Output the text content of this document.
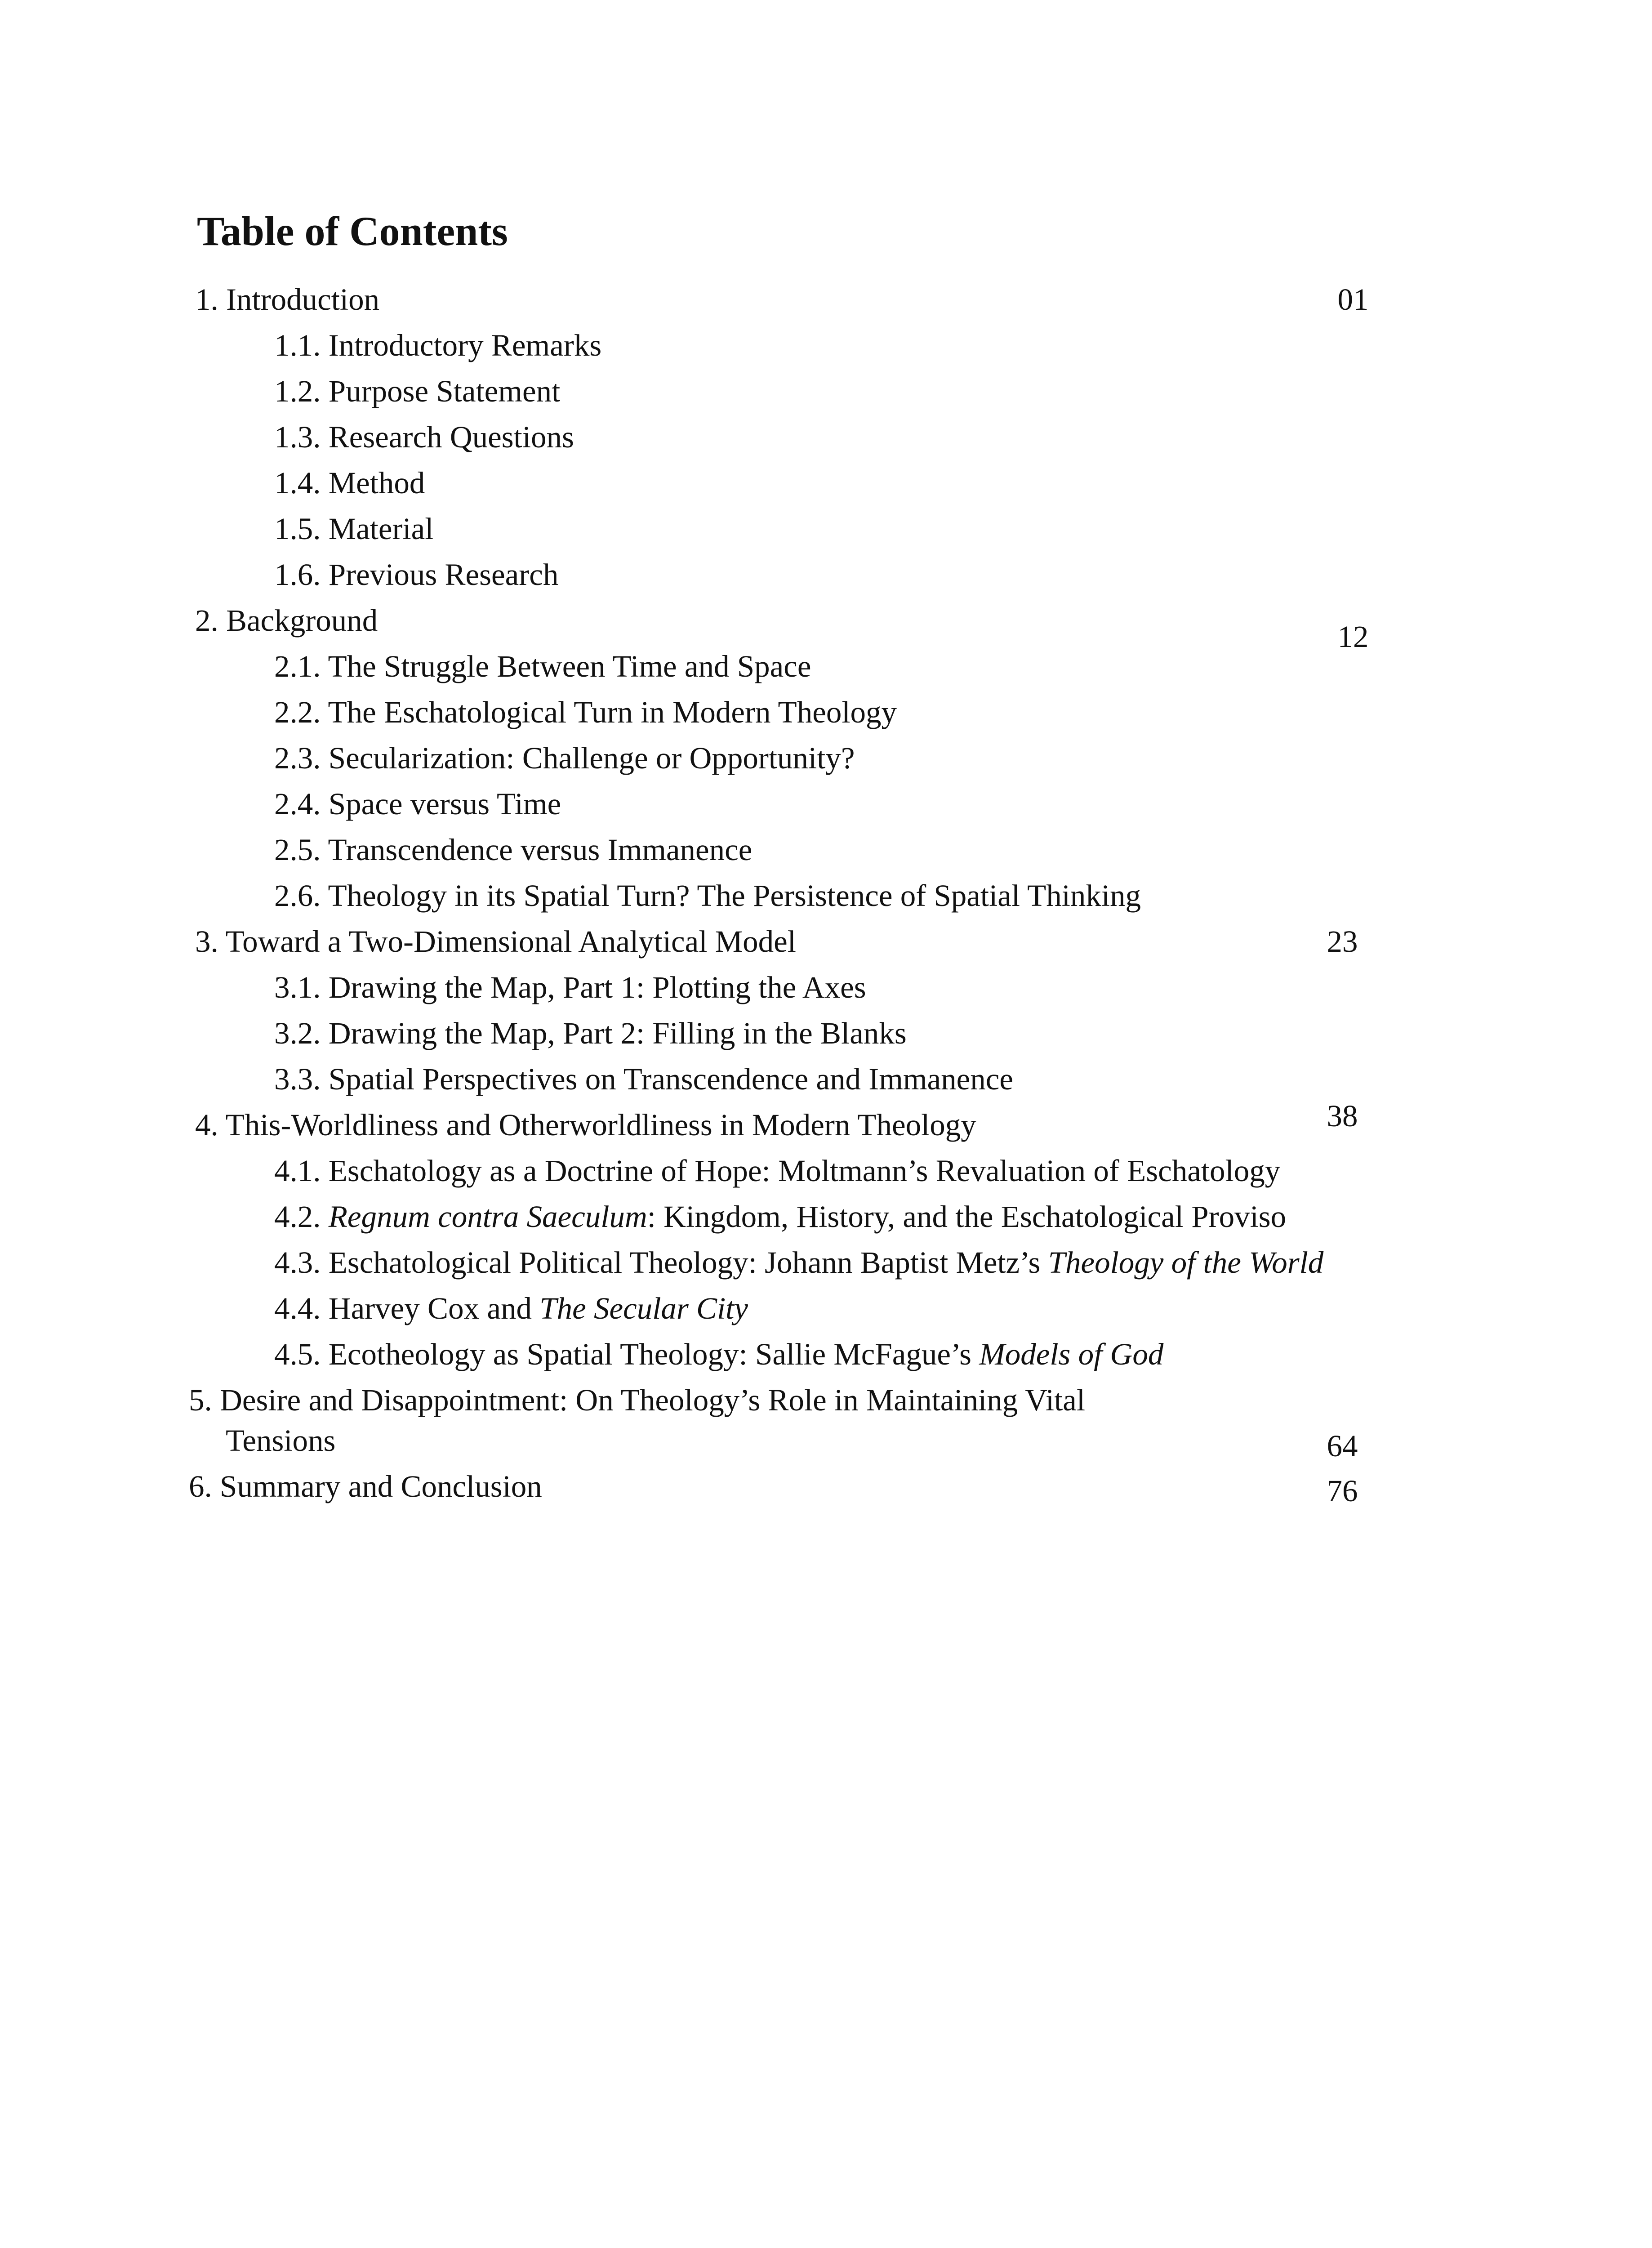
Table of Contents
1. Introduction	01
1.1. Introductory Remarks
1.2. Purpose Statement
1.3. Research Questions
1.4. Method
1.5. Material
1.6. Previous Research
2. Background	12
2.1. The Struggle Between Time and Space
2.2. The Eschatological Turn in Modern Theology
2.3. Secularization: Challenge or Opportunity?
2.4. Space versus Time
2.5. Transcendence versus Immanence
2.6. Theology in its Spatial Turn? The Persistence of Spatial Thinking
3. Toward a Two-Dimensional Analytical Model	23
3.1. Drawing the Map, Part 1: Plotting the Axes
3.2. Drawing the Map, Part 2: Filling in the Blanks
3.3. Spatial Perspectives on Transcendence and Immanence
4. This-Worldliness and Otherworldliness in Modern Theology	38
4.1. Eschatology as a Doctrine of Hope: Moltmann’s Revaluation of Eschatology
4.2. Regnum contra Saeculum: Kingdom, History, and the Eschatological Proviso
4.3. Eschatological Political Theology: Johann Baptist Metz’s Theology of the World
4.4. Harvey Cox and The Secular City
4.5. Ecotheology as Spatial Theology: Sallie McFague’s Models of God
5. Desire and Disappointment: On Theology’s Role in Maintaining Vital
Tensions	64
6. Summary and Conclusion	76
